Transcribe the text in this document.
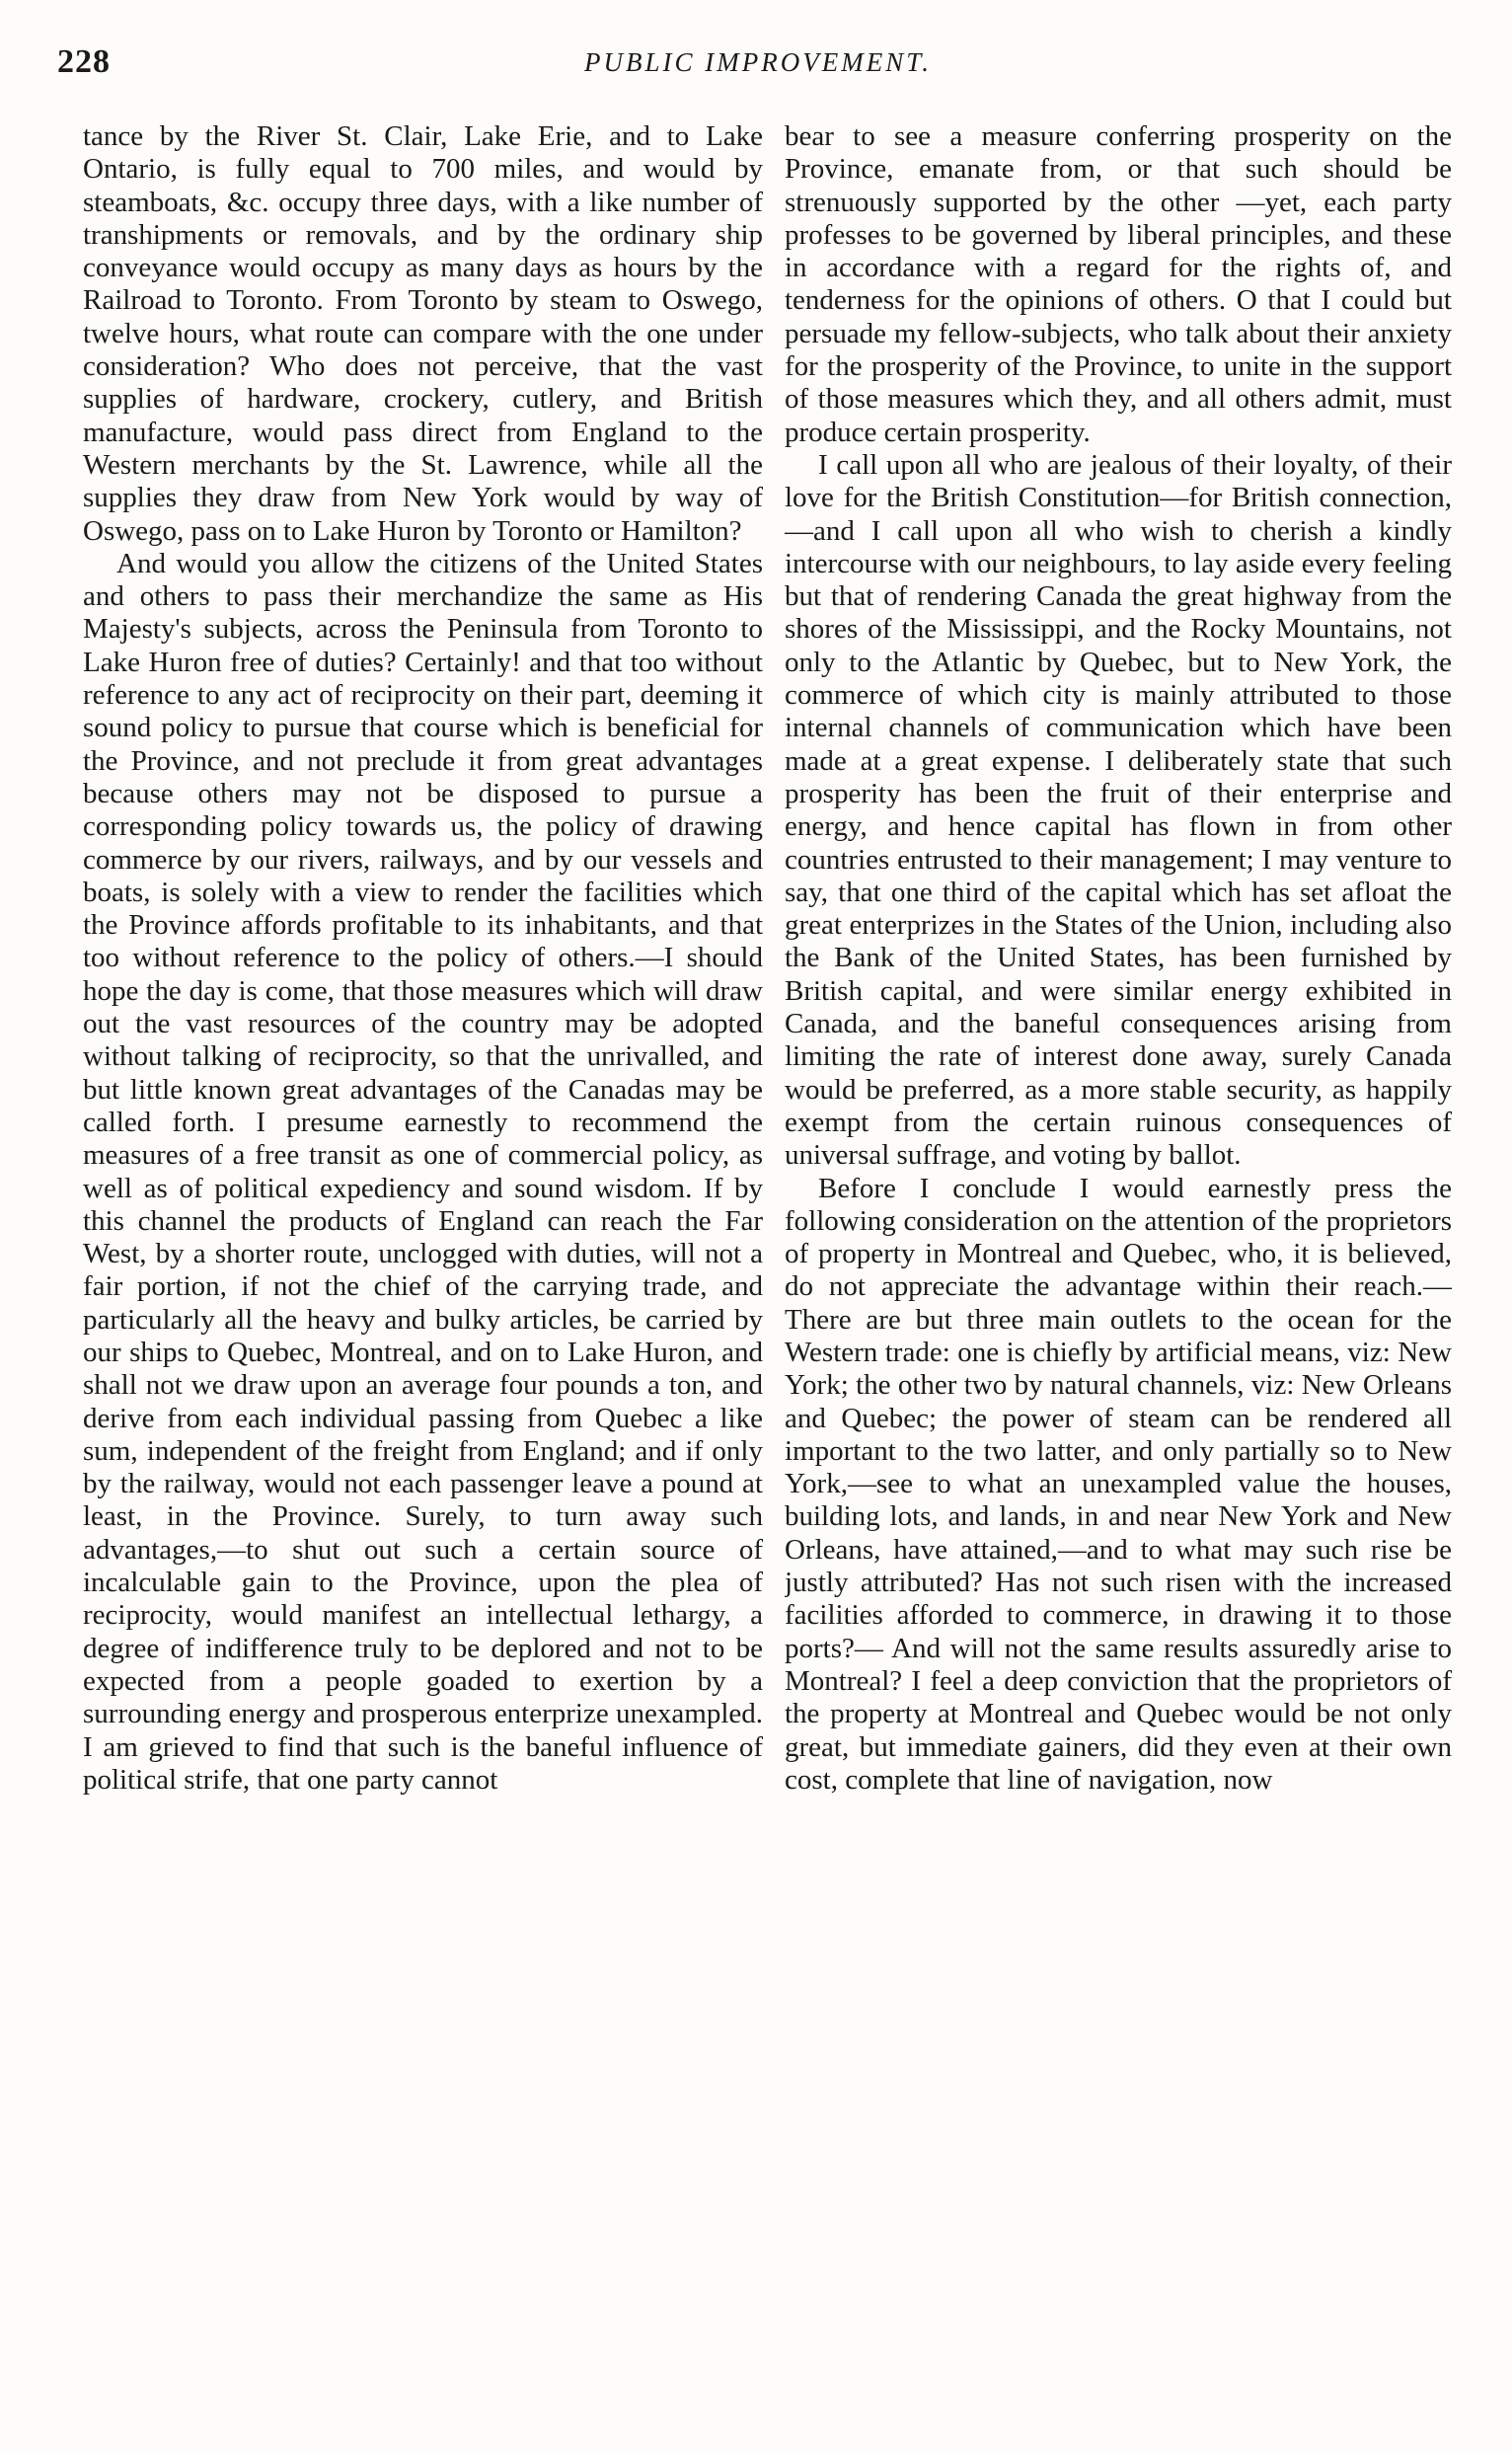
228	PUBLIC IMPROVEMENT.

tance by the River St. Clair, Lake Erie, and to Lake Ontario, is fully equal to 700 miles, and would by steamboats, &c. occupy three days, with a like number of transhipments or removals, and by the ordinary ship conveyance would occupy as many days as hours by the Railroad to Toronto. From Toronto by steam to Oswego, twelve hours, what route can compare with the one under consideration? Who does not perceive, that the vast supplies of hardware, crockery, cutlery, and British manufacture, would pass direct from England to the Western merchants by the St. Lawrence, while all the supplies they draw from New York would by way of Oswego, pass on to Lake Huron by Toronto or Hamilton?

And would you allow the citizens of the United States and others to pass their merchandize the same as His Majesty's subjects, across the Peninsula from Toronto to Lake Huron free of duties? Certainly! and that too without reference to any act of reciprocity on their part, deeming it sound policy to pursue that course which is beneficial for the Province, and not preclude it from great advantages because others may not be disposed to pursue a corresponding policy towards us, the policy of drawing commerce by our rivers, railways, and by our vessels and boats, is solely with a view to render the facilities which the Province affords profitable to its inhabitants, and that too without reference to the policy of others.—I should hope the day is come, that those measures which will draw out the vast resources of the country may be adopted without talking of reciprocity, so that the unrivalled, and but little known great advantages of the Canadas may be called forth. I presume earnestly to recommend the measures of a free transit as one of commercial policy, as well as of political expediency and sound wisdom. If by this channel the products of England can reach the Far West, by a shorter route, unclogged with duties, will not a fair portion, if not the chief of the carrying trade, and particularly all the heavy and bulky articles, be carried by our ships to Quebec, Montreal, and on to Lake Huron, and shall not we draw upon an average four pounds a ton, and derive from each individual passing from Quebec a like sum, independent of the freight from England; and if only by the railway, would not each passenger leave a pound at least, in the Province. Surely, to turn away such advantages,—to shut out such a certain source of incalculable gain to the Province, upon the plea of reciprocity, would manifest an intellectual lethargy, a degree of indifference truly to be deplored and not to be expected from a people goaded to exertion by a surrounding energy and prosperous enterprize unexampled. I am grieved to find that such is the baneful influence of political strife, that one party cannot

bear to see a measure conferring prosperity on the Province, emanate from, or that such should be strenuously supported by the other —yet, each party professes to be governed by liberal principles, and these in accordance with a regard for the rights of, and tenderness for the opinions of others. O that I could but persuade my fellow-subjects, who talk about their anxiety for the prosperity of the Province, to unite in the support of those measures which they, and all others admit, must produce certain prosperity.

I call upon all who are jealous of their loyalty, of their love for the British Constitution—for British connection,—and I call upon all who wish to cherish a kindly intercourse with our neighbours, to lay aside every feeling but that of rendering Canada the great highway from the shores of the Mississippi, and the Rocky Mountains, not only to the Atlantic by Quebec, but to New York, the commerce of which city is mainly attributed to those internal channels of communication which have been made at a great expense. I deliberately state that such prosperity has been the fruit of their enterprise and energy, and hence capital has flown in from other countries entrusted to their management; I may venture to say, that one third of the capital which has set afloat the great enterprizes in the States of the Union, including also the Bank of the United States, has been furnished by British capital, and were similar energy exhibited in Canada, and the baneful consequences arising from limiting the rate of interest done away, surely Canada would be preferred, as a more stable security, as happily exempt from the certain ruinous consequences of universal suffrage, and voting by ballot.

Before I conclude I would earnestly press the following consideration on the attention of the proprietors of property in Montreal and Quebec, who, it is believed, do not appreciate the advantage within their reach.— There are but three main outlets to the ocean for the Western trade: one is chiefly by artificial means, viz: New York; the other two by natural channels, viz: New Orleans and Quebec; the power of steam can be rendered all important to the two latter, and only partially so to New York,—see to what an unexampled value the houses, building lots, and lands, in and near New York and New Orleans, have attained,—and to what may such rise be justly attributed? Has not such risen with the increased facilities afforded to commerce, in drawing it to those ports?— And will not the same results assuredly arise to Montreal? I feel a deep conviction that the proprietors of the property at Montreal and Quebec would be not only great, but immediate gainers, did they even at their own cost, complete that line of navigation, now
